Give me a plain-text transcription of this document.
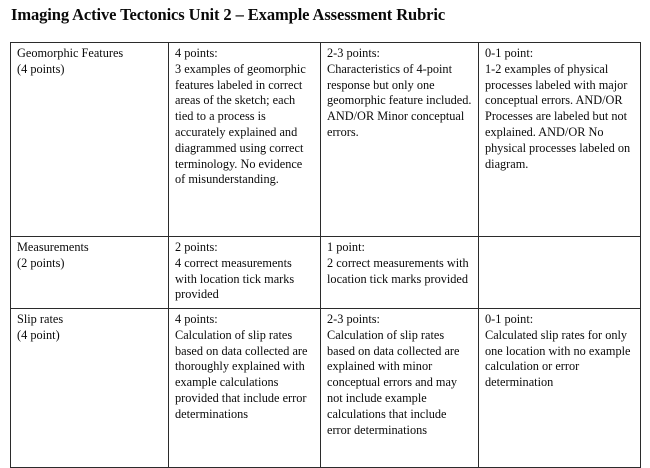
Imaging Active Tectonics Unit 2 – Example Assessment Rubric
Geomorphic Features
(4 points)	4 points:
3 examples of geomorphic features labeled in correct areas of the sketch; each tied to a process is accurately explained and diagrammed using correct terminology. No evidence of misunderstanding.	2-3 points:
Characteristics of 4-point response but only one geomorphic feature included. AND/OR Minor conceptual errors.	0-1 point:
1-2 examples of physical processes labeled with major conceptual errors. AND/OR Processes are labeled but not explained. AND/OR No physical processes labeled on diagram.

Measurements
(2 points)	2 points:
4 correct measurements with location tick marks provided	1 point:
2 correct measurements with location tick marks provided	

Slip rates
(4 point)	4 points:
Calculation of slip rates based on data collected are thoroughly explained with example calculations provided that include error determinations	2-3 points:
Calculation of slip rates based on data collected are explained with minor conceptual errors and may not include example calculations that include error determinations	0-1 point:
Calculated slip rates for only one location with no example calculation or error determination
